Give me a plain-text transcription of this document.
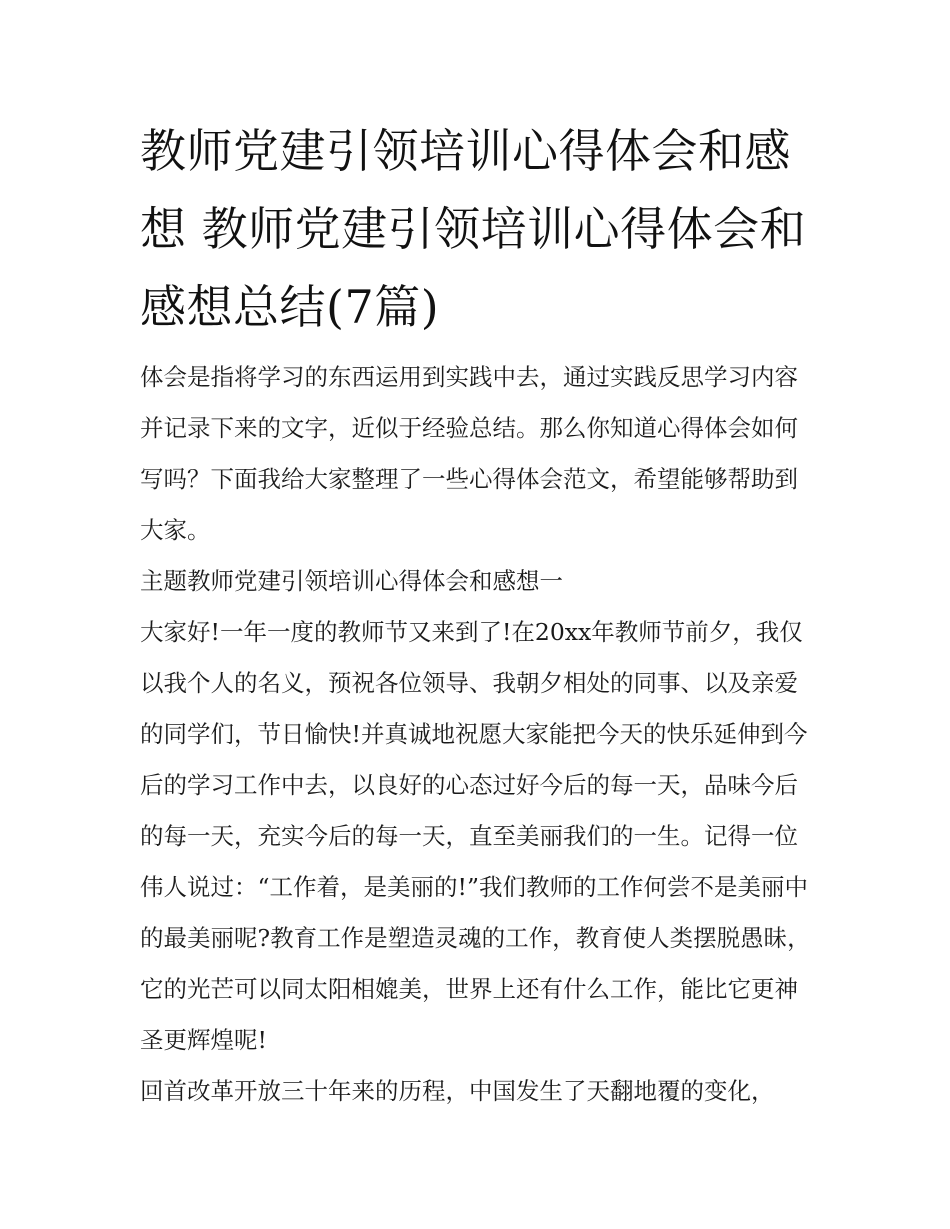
教师党建引领培训心得体会和感想 教师党建引领培训心得体会和感想总结(7篇)

体会是指将学习的东西运用到实践中去，通过实践反思学习内容并记录下来的文字，近似于经验总结。那么你知道心得体会如何写吗？下面我给大家整理了一些心得体会范文，希望能够帮助到大家。

主题教师党建引领培训心得体会和感想一

大家好!一年一度的教师节又来到了!在20xx年教师节前夕，我仅以我个人的名义，预祝各位领导、我朝夕相处的同事、以及亲爱的同学们，节日愉快!并真诚地祝愿大家能把今天的快乐延伸到今后的学习工作中去，以良好的心态过好今后的每一天，品味今后的每一天，充实今后的每一天，直至美丽我们的一生。记得一位伟人说过：“工作着，是美丽的!”我们教师的工作何尝不是美丽中的最美丽呢?教育工作是塑造灵魂的工作，教育使人类摆脱愚昧，它的光芒可以同太阳相媲美，世界上还有什么工作，能比它更神圣更辉煌呢!

回首改革开放三十年来的历程，中国发生了天翻地覆的变化，
